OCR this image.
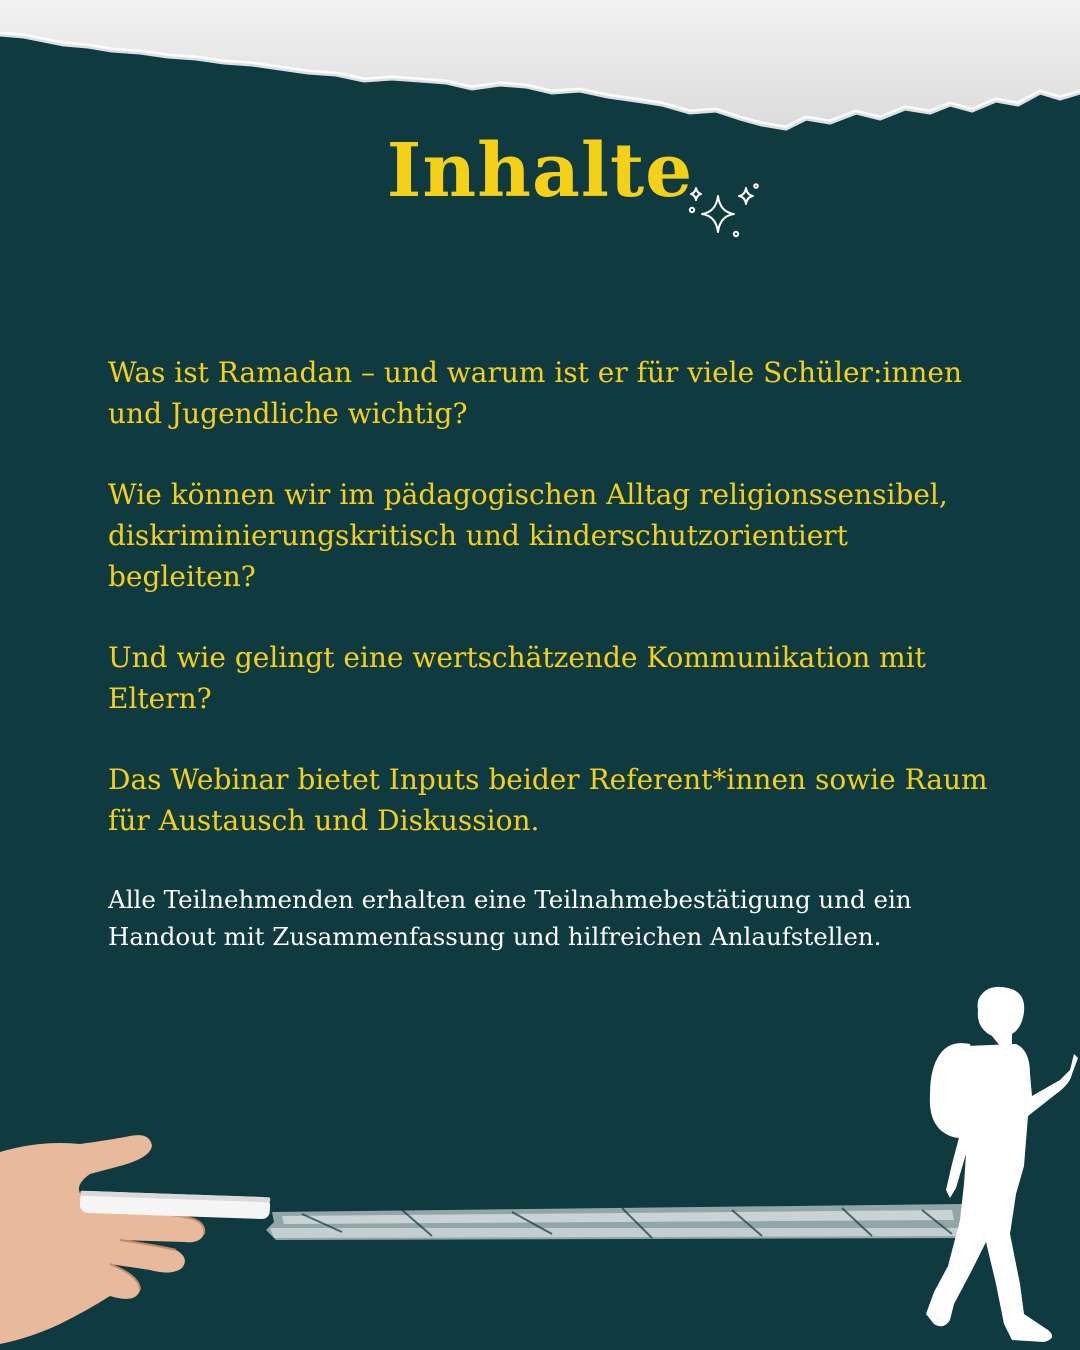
Inhalte

Was ist Ramadan – und warum ist er für viele Schüler:innen und Jugendliche wichtig?

Wie können wir im pädagogischen Alltag religionssensibel, diskriminierungskritisch und kinderschutzorientiert begleiten?

Und wie gelingt eine wertschätzende Kommunikation mit Eltern?

Das Webinar bietet Inputs beider Referent*innen sowie Raum für Austausch und Diskussion.

Alle Teilnehmenden erhalten eine Teilnahmebestätigung und ein Handout mit Zusammenfassung und hilfreichen Anlaufstellen.
